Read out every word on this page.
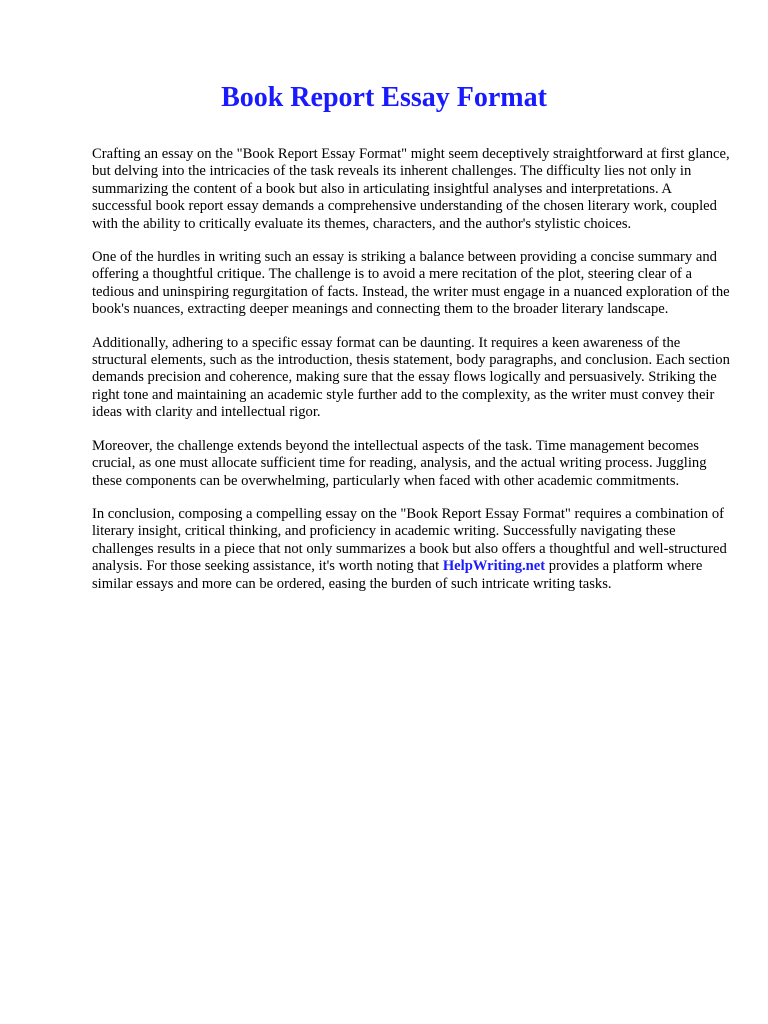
Book Report Essay Format

Crafting an essay on the "Book Report Essay Format" might seem deceptively straightforward at first glance, but delving into the intricacies of the task reveals its inherent challenges. The difficulty lies not only in summarizing the content of a book but also in articulating insightful analyses and interpretations. A successful book report essay demands a comprehensive understanding of the chosen literary work, coupled with the ability to critically evaluate its themes, characters, and the author's stylistic choices.

One of the hurdles in writing such an essay is striking a balance between providing a concise summary and offering a thoughtful critique. The challenge is to avoid a mere recitation of the plot, steering clear of a tedious and uninspiring regurgitation of facts. Instead, the writer must engage in a nuanced exploration of the book's nuances, extracting deeper meanings and connecting them to the broader literary landscape.

Additionally, adhering to a specific essay format can be daunting. It requires a keen awareness of the structural elements, such as the introduction, thesis statement, body paragraphs, and conclusion. Each section demands precision and coherence, making sure that the essay flows logically and persuasively. Striking the right tone and maintaining an academic style further add to the complexity, as the writer must convey their ideas with clarity and intellectual rigor.

Moreover, the challenge extends beyond the intellectual aspects of the task. Time management becomes crucial, as one must allocate sufficient time for reading, analysis, and the actual writing process. Juggling these components can be overwhelming, particularly when faced with other academic commitments.

In conclusion, composing a compelling essay on the "Book Report Essay Format" requires a combination of literary insight, critical thinking, and proficiency in academic writing. Successfully navigating these challenges results in a piece that not only summarizes a book but also offers a thoughtful and well-structured analysis. For those seeking assistance, it's worth noting that HelpWriting.net provides a platform where similar essays and more can be ordered, easing the burden of such intricate writing tasks.
